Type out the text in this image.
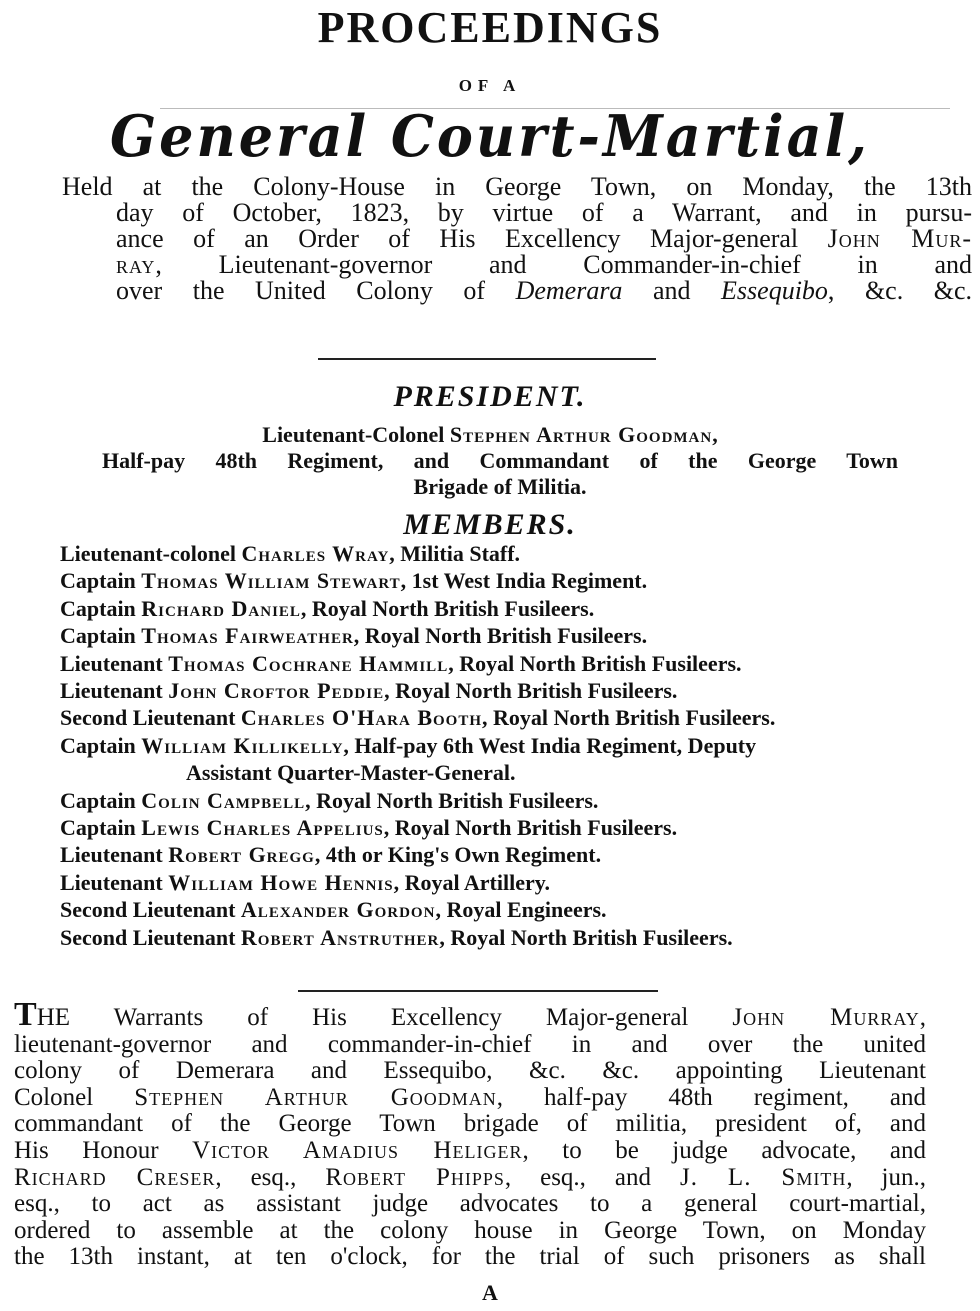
PROCEEDINGS
OF A
General Court-Martial,

Held at the Colony-House in George Town, on Monday, the 13th

day of October, 1823, by virtue of a Warrant, and in pursu-

ance of an Order of His Excellency Major-general John Mur-

ray, Lieutenant-governor and Commander-in-chief in and

over the United Colony of Demerara and Essequibo, &c. &c.

PRESIDENT.
Lieutenant-Colonel Stephen Arthur Goodman,
Half-pay 48th Regiment, and Commandant of the George Town
Brigade of Militia.
MEMBERS.
Lieutenant-colonel Charles Wray, Militia Staff.
Captain Thomas William Stewart, 1st West India Regiment.
Captain Richard Daniel, Royal North British Fusileers.
Captain Thomas Fairweather, Royal North British Fusileers.
Lieutenant Thomas Cochrane Hammill, Royal North British Fusileers.
Lieutenant John Croftor Peddie, Royal North British Fusileers.
Second Lieutenant Charles O'Hara Booth, Royal North British Fusileers.
Captain William Killikelly, Half-pay 6th West India Regiment, Deputy
Assistant Quarter-Master-General.
Captain Colin Campbell, Royal North British Fusileers.
Captain Lewis Charles Appelius, Royal North British Fusileers.
Lieutenant Robert Gregg, 4th or King's Own Regiment.
Lieutenant William Howe Hennis, Royal Artillery.
Second Lieutenant Alexander Gordon, Royal Engineers.
Second Lieutenant Robert Anstruther, Royal North British Fusileers.

THE Warrants of His Excellency Major-general John Murray,

lieutenant-governor and commander-in-chief in and over the united

colony of Demerara and Essequibo, &c. &c. appointing Lieutenant

Colonel Stephen Arthur Goodman, half-pay 48th regiment, and

commandant of the George Town brigade of militia, president of, and

His Honour Victor Amadius Heliger, to be judge advocate, and

Richard Creser, esq., Robert Phipps, esq., and J. L. Smith, jun.,

esq., to act as assistant judge advocates to a general court-martial,

ordered to assemble at the colony house in George Town, on Monday

the 13th instant, at ten o'clock, for the trial of such prisoners as shall

A
